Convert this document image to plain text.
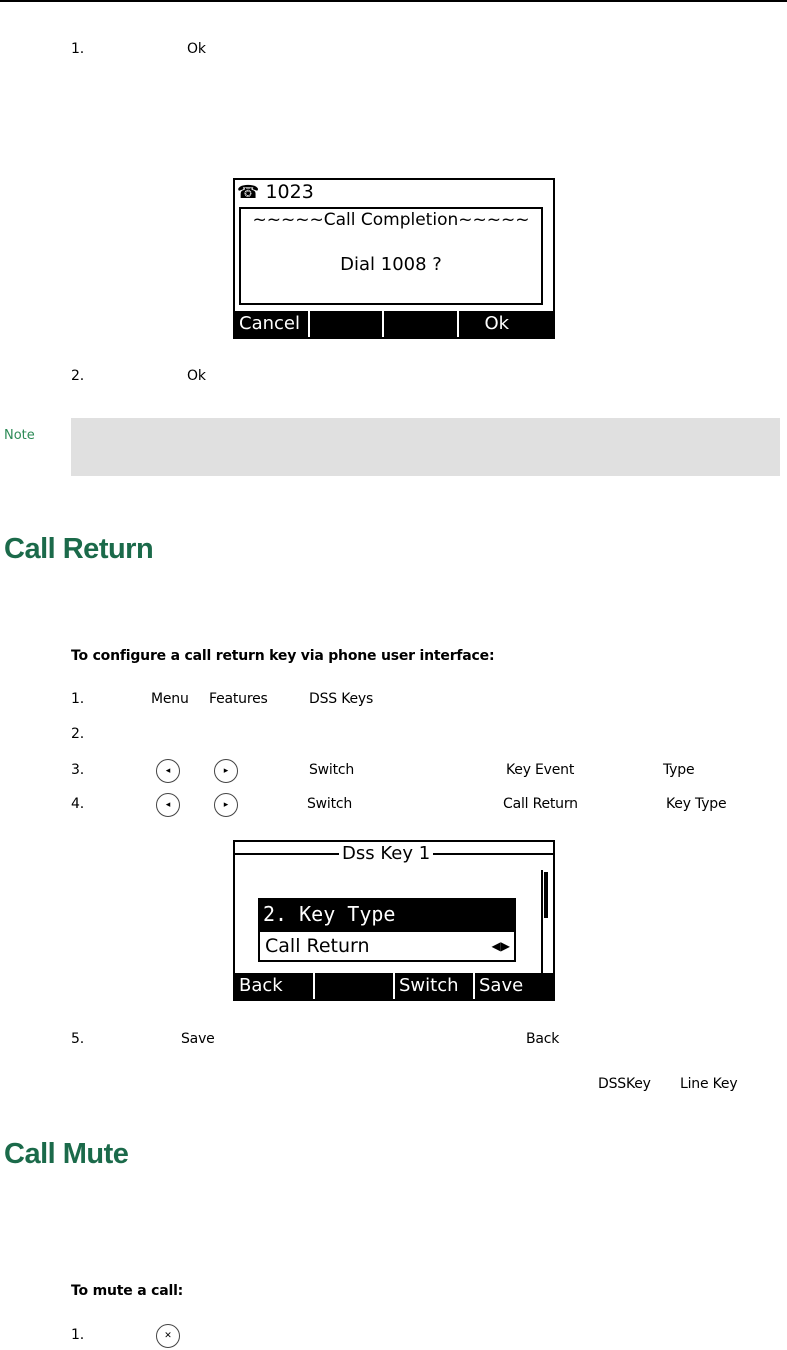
1.	Ok
☎ 1023
~~~~~Call Completion~~~~~
Dial 1008 ?
Cancel	Ok
2.	Ok
Note
Call Return
To configure a call return key via phone user interface:
1.	Menu Features	DSS Keys
2.
3.	◂	▸	Switch	Key Event	Type
4.	◂	▸	Switch	Call Return	Key Type
Dss Key 1
2. Key Type
Call Return	◀▶
Back	Switch	Save
5.	Save	Back
DSSKey Line Key
Call Mute
To mute a call:
1.	✕
